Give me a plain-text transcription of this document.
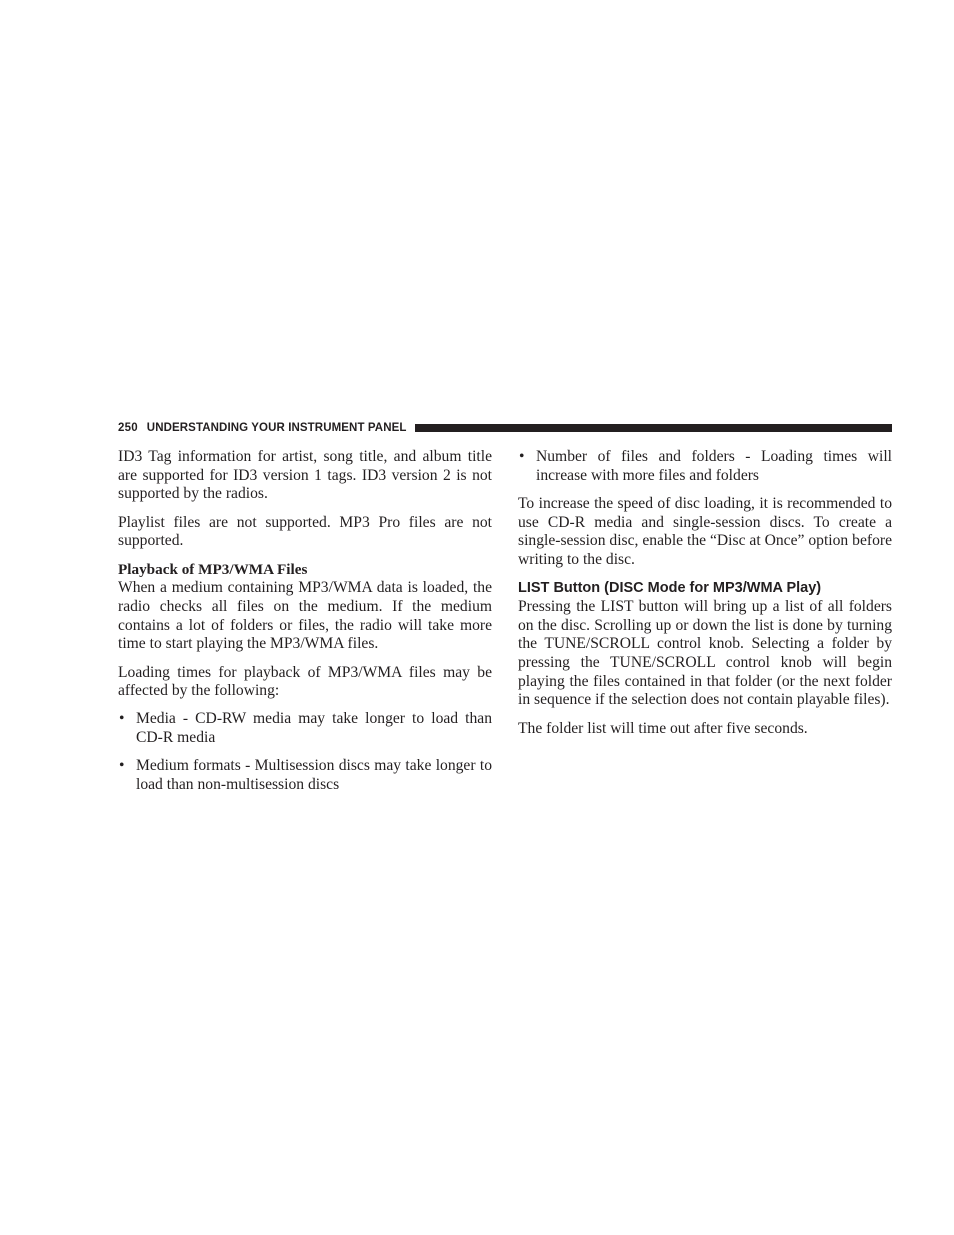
250 UNDERSTANDING YOUR INSTRUMENT PANEL

ID3 Tag information for artist, song title, and album title are supported for ID3 version 1 tags. ID3 version 2 is not supported by the radios.

Playlist files are not supported. MP3 Pro files are not supported.

Playback of MP3/WMA Files

When a medium containing MP3/WMA data is loaded, the radio checks all files on the medium. If the medium contains a lot of folders or files, the radio will take more time to start playing the MP3/WMA files.

Loading times for playback of MP3/WMA files may be affected by the following:

• Media - CD-RW media may take longer to load than CD-R media
• Medium formats - Multisession discs may take longer to load than non-multisession discs
• Number of files and folders - Loading times will increase with more files and folders

To increase the speed of disc loading, it is recommended to use CD-R media and single-session discs. To create a single-session disc, enable the “Disc at Once” option before writing to the disc.

LIST Button (DISC Mode for MP3/WMA Play)

Pressing the LIST button will bring up a list of all folders on the disc. Scrolling up or down the list is done by turning the TUNE/SCROLL control knob. Selecting a folder by pressing the TUNE/SCROLL control knob will begin playing the files contained in that folder (or the next folder in sequence if the selection does not contain playable files).

The folder list will time out after five seconds.
